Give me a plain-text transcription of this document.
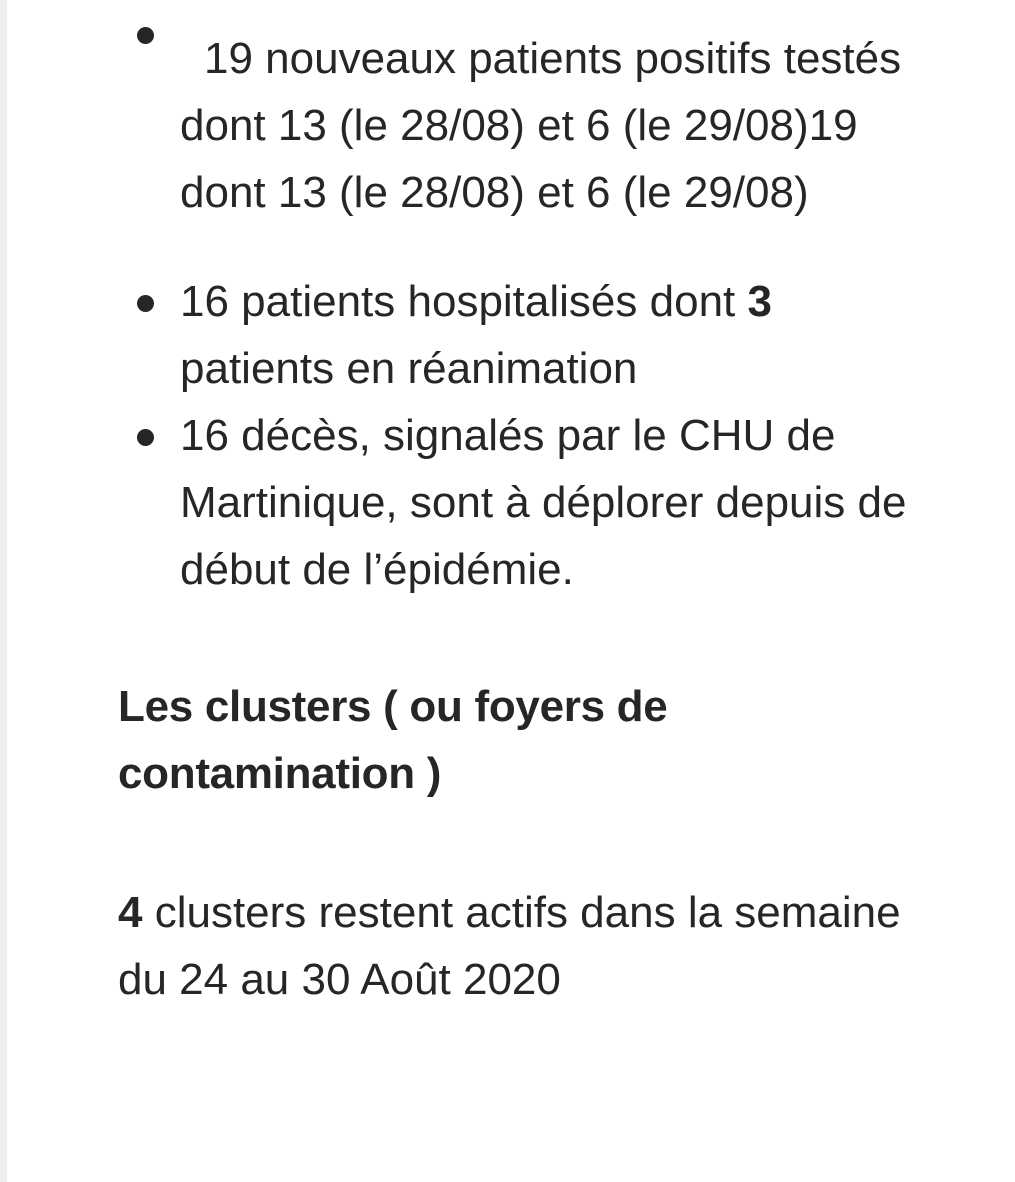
19 nouveaux patients positifs testés dont 13 (le 28/08) et 6 (le 29/08)19 dont 13 (le 28/08) et 6 (le 29/08)
16 patients hospitalisés dont 3 patients en réanimation
16 décès, signalés par le CHU de Martinique, sont à déplorer depuis de début de l’épidémie.
Les clusters ( ou foyers de contamination )

4 clusters restent actifs dans la semaine du 24 au 30 Août 2020
